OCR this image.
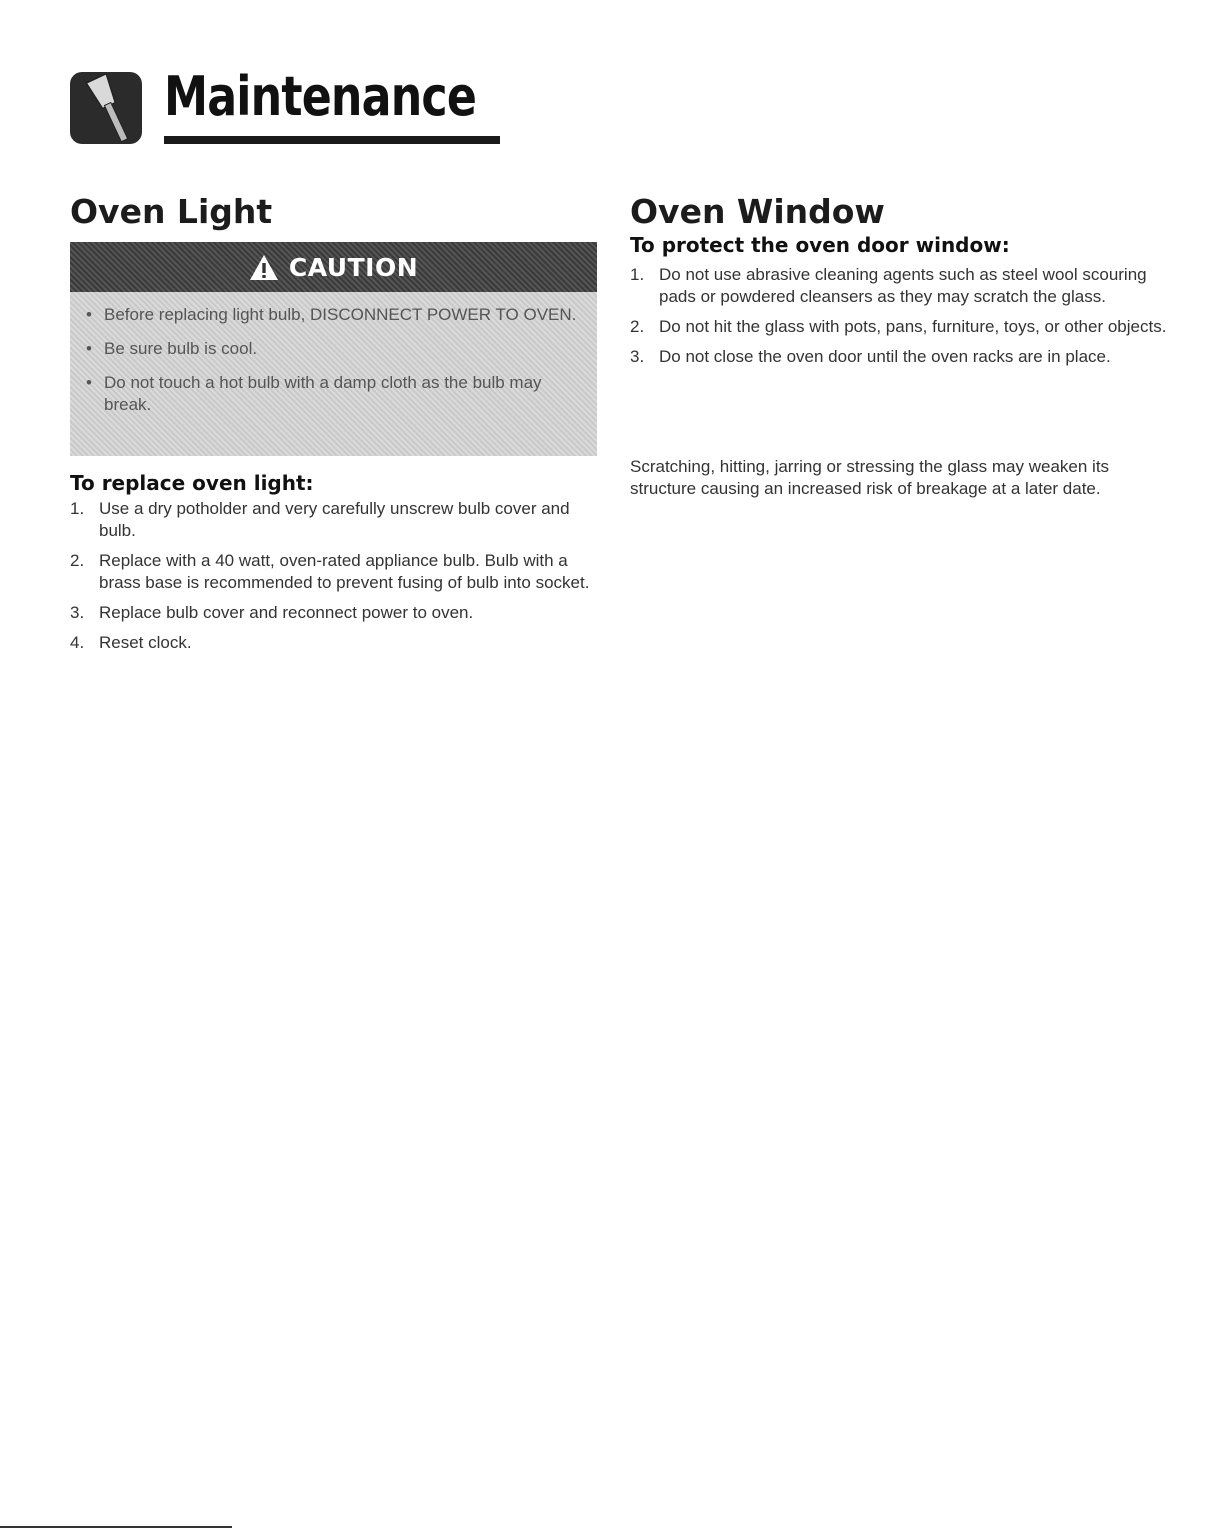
Maintenance
Oven Light
CAUTION
• Before replacing light bulb, DISCONNECT POWER TO OVEN.
• Be sure bulb is cool.
• Do not touch a hot bulb with a damp cloth as the bulb may break.
To replace oven light:
1. Use a dry potholder and very carefully unscrew bulb cover and bulb.
2. Replace with a 40 watt, oven-rated appliance bulb. Bulb with a brass base is recommended to prevent fusing of bulb into socket.
3. Replace bulb cover and reconnect power to oven.
4. Reset clock.
Oven Window
To protect the oven door window:
1. Do not use abrasive cleaning agents such as steel wool scouring pads or powdered cleansers as they may scratch the glass.
2. Do not hit the glass with pots, pans, furniture, toys, or other objects.
3. Do not close the oven door until the oven racks are in place.

Scratching, hitting, jarring or stressing the glass may weaken its structure causing an increased risk of breakage at a later date.
